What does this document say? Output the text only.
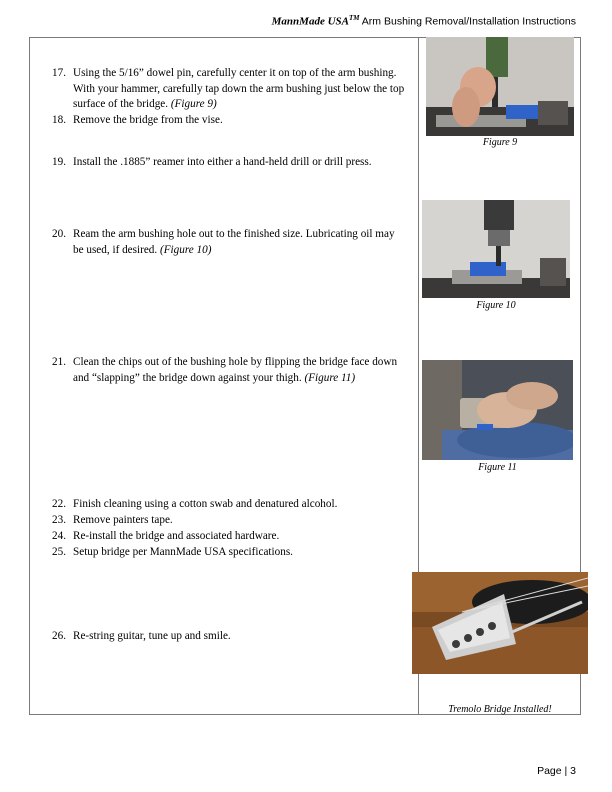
MannMade USA™ Arm Bushing Removal/Installation Instructions
17. Using the 5/16” dowel pin, carefully center it on top of the arm bushing. With your hammer, carefully tap down the arm bushing just below the top surface of the bridge. (Figure 9)
18. Remove the bridge from the vise.
19. Install the .1885” reamer into either a hand-held drill or drill press.
20. Ream the arm bushing hole out to the finished size. Lubricating oil may be used, if desired. (Figure 10)
21. Clean the chips out of the bushing hole by flipping the bridge face down and “slapping” the bridge down against your thigh. (Figure 11)
22. Finish cleaning using a cotton swab and denatured alcohol.
23. Remove painters tape.
24. Re-install the bridge and associated hardware.
25. Setup bridge per MannMade USA specifications.
26. Re-string guitar, tune up and smile.
Figure 9
Figure 10
Figure 11
Tremolo Bridge Installed!
Page | 3
